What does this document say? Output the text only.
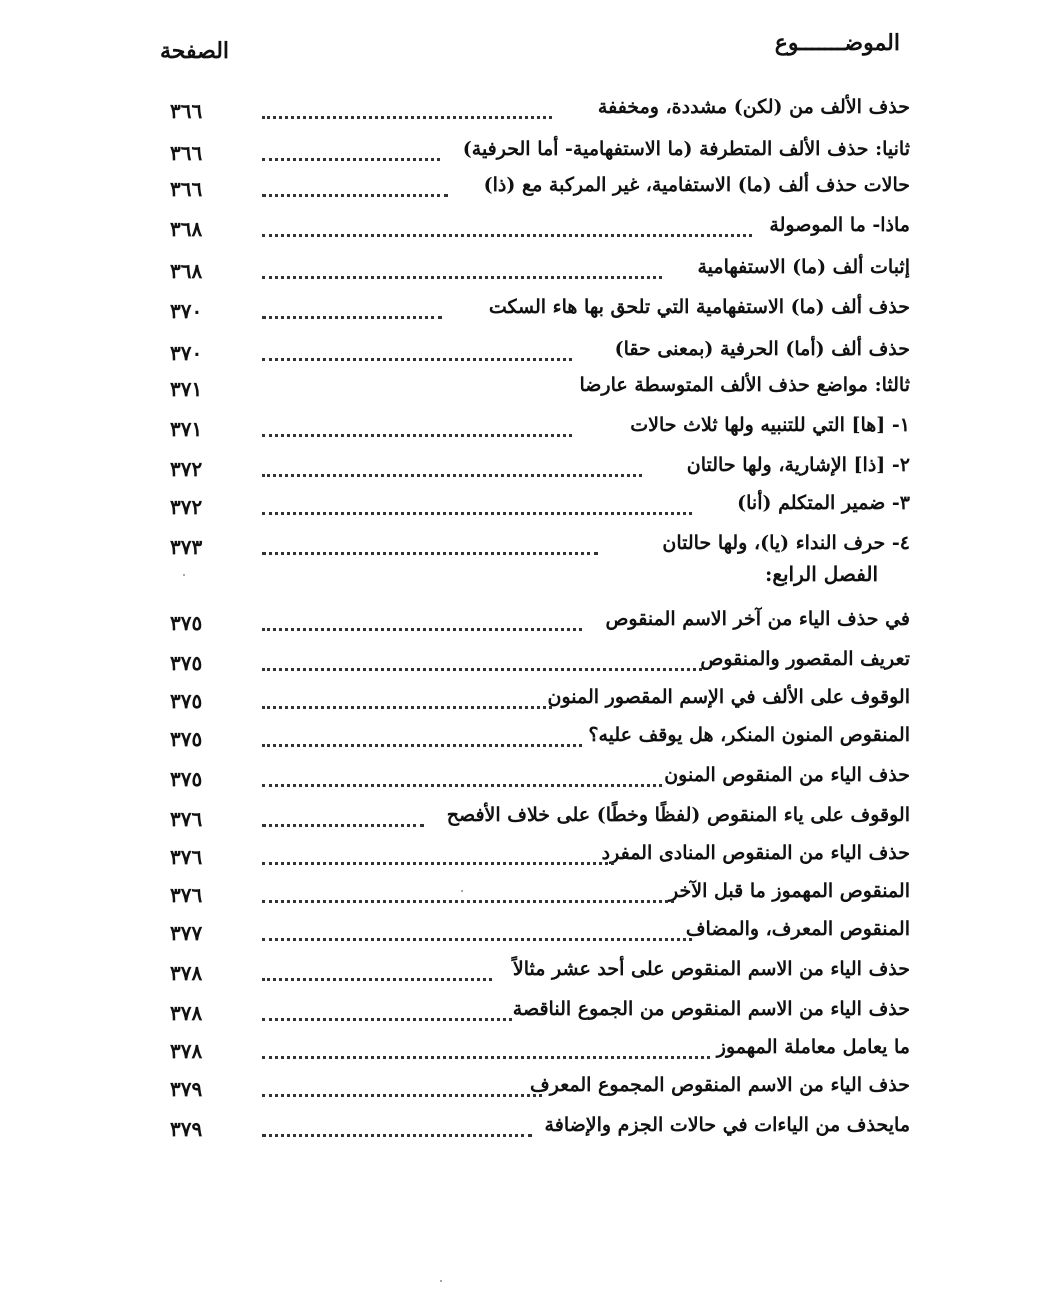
الموضـــــــوع
الصفحة
حذف الألف من (لكن) مشددة، ومخففة
٣٦٦
ثانيا: حذف الألف المتطرفة (ما الاستفهامية- أما الحرفية)
٣٦٦
حالات حذف ألف (ما) الاستفامية، غير المركبة مع (ذا)
٣٦٦
ماذا- ما الموصولة
٣٦٨
إثبات ألف (ما) الاستفهامية
٣٦٨
حذف ألف (ما) الاستفهامية التي تلحق بها هاء السكت
٣٧٠
حذف ألف (أما) الحرفية (بمعنى حقا)
٣٧٠
ثالثا: مواضع حذف الألف المتوسطة عارضا
٣٧١
١- [ها] التي للتنبيه ولها ثلاث حالات
٣٧١
٢- [ذا] الإشارية، ولها حالتان
٣٧٢
٣- ضمير المتكلم (أنا)
٣٧٢
٤- حرف النداء (يا)، ولها حالتان
٣٧٣
الفصل الرابع:
في حذف الياء من آخر الاسم المنقوص
٣٧٥
تعريف المقصور والمنقوص
٣٧٥
الوقوف على الألف في الإسم المقصور المنون
٣٧٥
المنقوص المنون المنكر، هل يوقف عليه؟
٣٧٥
حذف الياء من المنقوص المنون
٣٧٥
الوقوف على ياء المنقوص (لفظًا وخطًا) على خلاف الأفصح
٣٧٦
حذف الياء من المنقوص المنادى المفرد
٣٧٦
المنقوص المهموز ما قبل الآخر
٣٧٦
المنقوص المعرف، والمضاف
٣٧٧
حذف الياء من الاسم المنقوص على أحد عشر مثالاً
٣٧٨
حذف الياء من الاسم المنقوص من الجموع الناقصة
٣٧٨
ما يعامل معاملة المهموز
٣٧٨
حذف الياء من الاسم المنقوص المجموع المعرف
٣٧٩
مايحذف من الياءات في حالات الجزم والإضافة
٣٧٩
